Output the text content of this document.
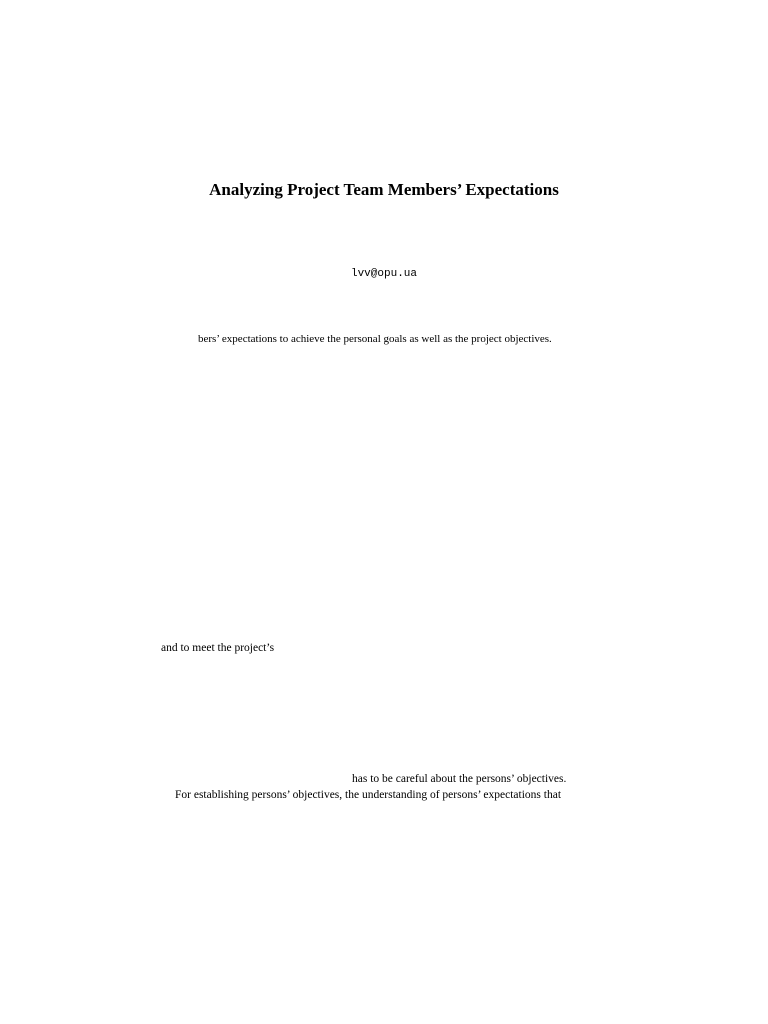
Analyzing Project Team Members’ Expectations
lvv@opu.ua
bers’ expectations to achieve the personal goals as well as the project objectives.
and to meet the project’s
has to be careful about the persons’ objectives.
For establishing persons’ objectives, the understanding of persons’ expectations that
